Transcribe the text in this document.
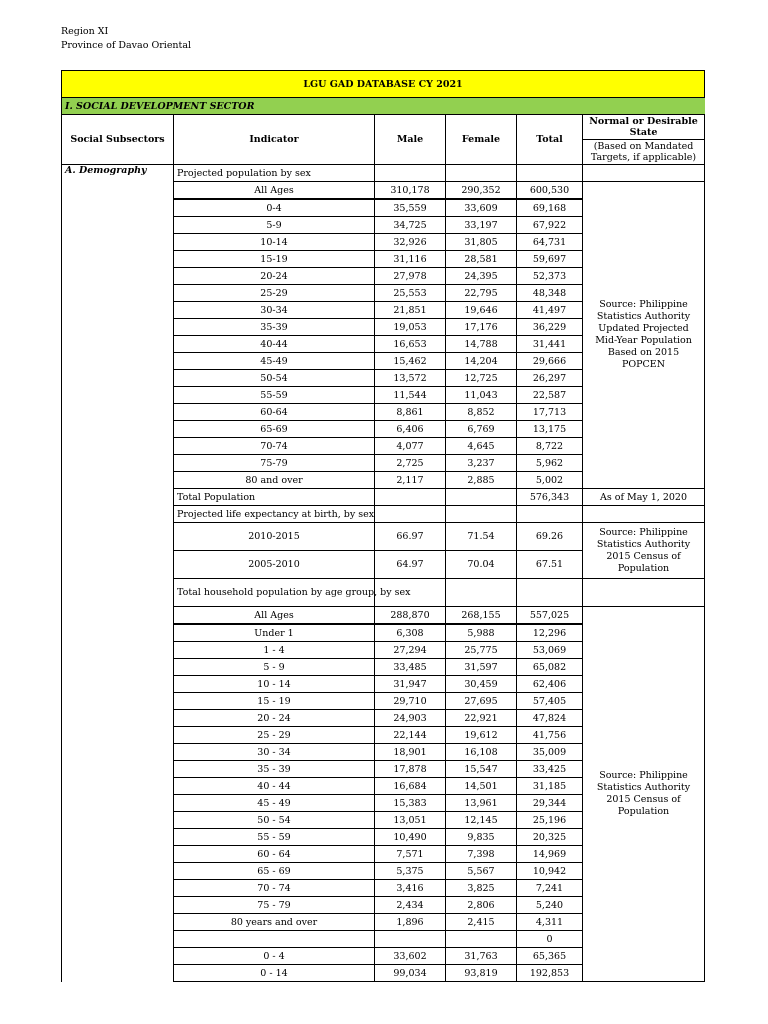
Region XI
Province of Davao Oriental
LGU GAD DATABASE CY 2021					
I. SOCIAL DEVELOPMENT SECTOR					
Social Subsectors	Indicator	Male	Female	Total	Normal or Desirable State
(Based on Mandated Targets, if applicable)

A. Demography	Projected population by sex				
	All Ages	310,178	290,352	600,530	Source: Philippine Statistics Authority Updated Projected Mid-Year Population Based on 2015 POPCEN
	0-4	35,559	33,609	69,168	
	5-9	34,725	33,197	67,922	
	10-14	32,926	31,805	64,731	
	15-19	31,116	28,581	59,697	
	20-24	27,978	24,395	52,373	
	25-29	25,553	22,795	48,348	
	30-34	21,851	19,646	41,497	
	35-39	19,053	17,176	36,229	
	40-44	16,653	14,788	31,441	
	45-49	15,462	14,204	29,666	
	50-54	13,572	12,725	26,297	
	55-59	11,544	11,043	22,587	
	60-64	8,861	8,852	17,713	
	65-69	6,406	6,769	13,175	
	70-74	4,077	4,645	8,722	
	75-79	2,725	3,237	5,962	
	80 and over	2,117	2,885	5,002	
	Total Population			576,343	As of May 1, 2020
	Projected life expectancy at birth, by sex				
	2010-2015	66.97	71.54	69.26	Source: Philippine Statistics Authority 2015 Census of Population
	2005-2010	64.97	70.04	67.51	
	Total household population by age group, by sex				
	All Ages	288,870	268,155	557,025	Source: Philippine Statistics Authority 2015 Census of Population
	Under 1	6,308	5,988	12,296	
	1 - 4	27,294	25,775	53,069	
	5 - 9	33,485	31,597	65,082	
	10 - 14	31,947	30,459	62,406	
	15 - 19	29,710	27,695	57,405	
	20 - 24	24,903	22,921	47,824	
	25 - 29	22,144	19,612	41,756	
	30 - 34	18,901	16,108	35,009	
	35 - 39	17,878	15,547	33,425	
	40 - 44	16,684	14,501	31,185	
	45 - 49	15,383	13,961	29,344	
	50 - 54	13,051	12,145	25,196	
	55 - 59	10,490	9,835	20,325	
	60 - 64	7,571	7,398	14,969	
	65 - 69	5,375	5,567	10,942	
	70 - 74	3,416	3,825	7,241	
	75 - 79	2,434	2,806	5,240	
	80 years and over	1,896	2,415	4,311	
				0	
	0 - 4	33,602	31,763	65,365	
	0 - 14	99,034	93,819	192,853	
